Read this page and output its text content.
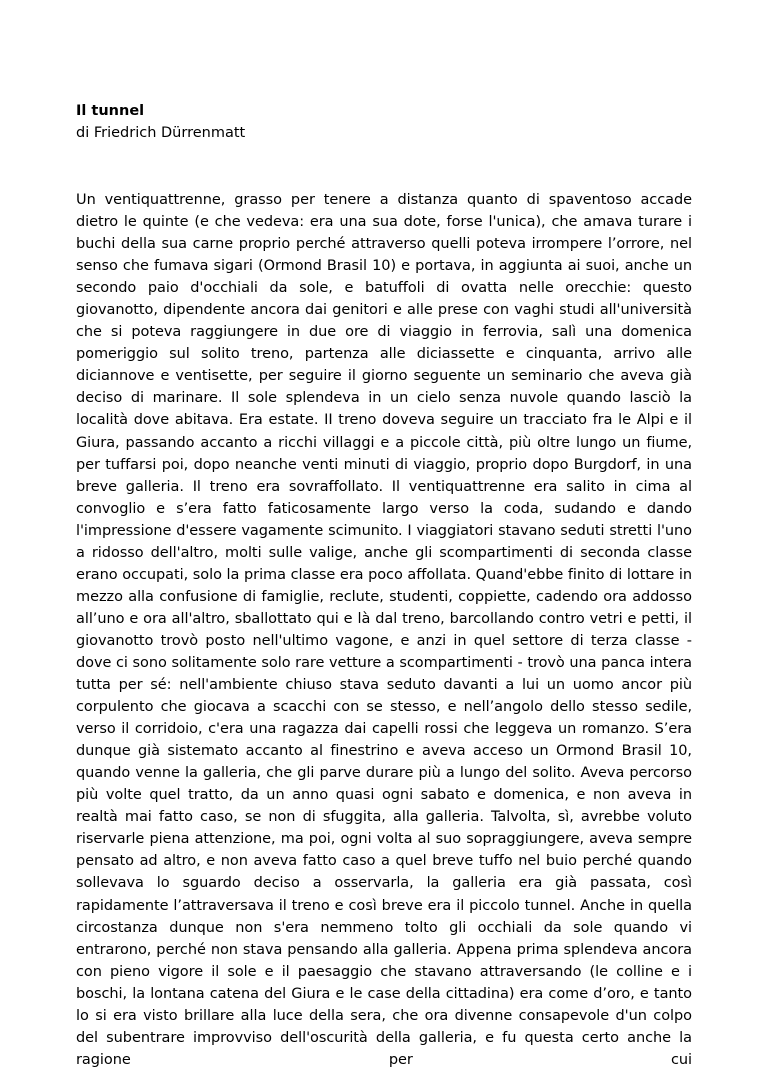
Il tunnel

di Friedrich Dürrenmatt

Un ventiquattrenne, grasso per tenere a distanza quanto di spaventoso accade dietro le quinte (e che vedeva: era una sua dote, forse l'unica), che amava turare i buchi della sua carne proprio perché attraverso quelli poteva irrompere l’orrore, nel senso che fumava sigari (Ormond Brasil 10) e portava, in aggiunta ai suoi, anche un secondo paio d'occhiali da sole, e batuffoli di ovatta nelle orecchie: questo giovanotto, dipendente ancora dai genitori e alle prese con vaghi studi all'università che si poteva raggiungere in due ore di viaggio in ferrovia, salì una domenica pomeriggio sul solito treno, partenza alle diciassette e cinquanta, arrivo alle diciannove e ventisette, per seguire il giorno seguente un seminario che aveva già deciso di marinare. Il sole splendeva in un cielo senza nuvole quando lasciò la località dove abitava. Era estate. II treno doveva seguire un tracciato fra le Alpi e il Giura, passando accanto a ricchi villaggi e a piccole città, più oltre lungo un fiume, per tuffarsi poi, dopo neanche venti minuti di viaggio, proprio dopo Burgdorf, in una breve galleria. Il treno era sovraffollato. Il ventiquattrenne era salito in cima al convoglio e s’era fatto faticosamente largo verso la coda, sudando e dando l'impressione d'essere vagamente scimunito. I viaggiatori stavano seduti stretti l'uno a ridosso dell'altro, molti sulle valige, anche gli scompartimenti di seconda classe erano occupati, solo la prima classe era poco affollata. Quand'ebbe finito di lottare in mezzo alla confusione di famiglie, reclute, studenti, coppiette, cadendo ora addosso all’uno e ora all'altro, sballottato qui e là dal treno, barcollando contro vetri e petti, il giovanotto trovò posto nell'ultimo vagone, e anzi in quel settore di terza classe - dove ci sono solitamente solo rare vetture a scompartimenti - trovò una panca intera tutta per sé: nell'ambiente chiuso stava seduto davanti a lui un uomo ancor più corpulento che giocava a scacchi con se stesso, e nell’angolo dello stesso sedile, verso il corridoio, c'era una ragazza dai capelli rossi che leggeva un romanzo. S’era dunque già sistemato accanto al finestrino e aveva acceso un Ormond Brasil 10, quando venne la galleria, che gli parve durare più a lungo del solito. Aveva percorso più volte quel tratto, da un anno quasi ogni sabato e domenica, e non aveva in realtà mai fatto caso, se non di sfuggita, alla galleria. Talvolta, sì, avrebbe voluto riservarle piena attenzione, ma poi, ogni volta al suo sopraggiungere, aveva sempre pensato ad altro, e non aveva fatto caso a quel breve tuffo nel buio perché quando sollevava lo sguardo deciso a osservarla, la galleria era già passata, così rapidamente l’attraversava il treno e così breve era il piccolo tunnel. Anche in quella circostanza dunque non s'era nemmeno tolto gli occhiali da sole quando vi entrarono, perché non stava pensando alla galleria. Appena prima splendeva ancora con pieno vigore il sole e il paesaggio che stavano attraversando (le colline e i boschi, la lontana catena del Giura e le case della cittadina) era come d’oro, e tanto lo si era visto brillare alla luce della sera, che ora divenne consapevole d'un colpo del subentrare improvviso dell'oscurità della galleria, e fu questa certo anche la ragione per cui
